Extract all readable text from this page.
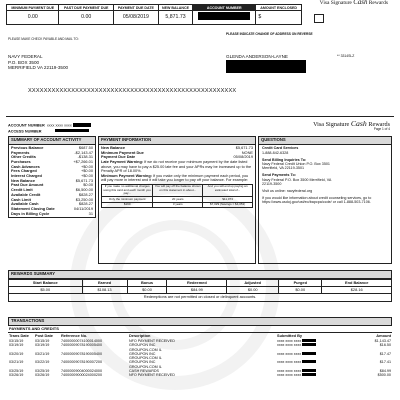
MINIMUM PAYMENT DUE	PAST DUE PAYMENT DUE	PAYMENT DUE DATE	NEW BALANCE	ACCOUNT NUMBER	AMOUNT ENCLOSED
0.00	0.00	05/08/2019	5,871.73		$
Visa Signature Cash Rewards
PLEASE INDICATE CHANGE OF ADDRESS ON REVERSE
PLEASE MAKE CHECK PAYABLE AND MAIL TO:
NAVY FEDERAL
P.O. BOX 3500
MERRIFIELD VA 22119-3500
GLENDA ANDERSON-LAYNE	** 3314SLZ
XXXXXXXXXXXXXXXXXXXXXXXXXXXXXXXXXXXXXXXXXXXXXXXXXXXXX
ACCOUNT NUMBER xxxx xxxx xxxx
ACCESS NUMBER
Visa Signature Cash Rewards
Page 1 of 4
SUMMARY OF ACCOUNT ACTIVITY
Previous Balance	$687.50
Payments	-$2,143.47
Other Credits	-$138.31
Purchases	+$7,266.01
Cash Advances	+$0.00
Fees Charged	+$0.00
Interest Charged	+$0.00
New Balance	$5,671.73
Past Due Amount	$0.00
Credit Limit	$6,500.00
Available Credit	$828.27
Cash Limit	$3,250.00
Available Cash	$828.27
Statement Closing Date	04/11/2019
Days in Billing Cycle	31
PAYMENT INFORMATION
New Balance	$5,671.73
Minimum Payment Due	NONE
Payment Due Date	05/08/2019
Late Payment Warning: If we do not receive your minimum payment by the date listed above, you may have to pay a $25.00 late fee and your APRs may be increased up to the Penalty APR of 18.00%.
Minimum Payment Warning: If you make only the minimum payment each period, you will pay more in interest and it will take you longer to pay off your balance. For example:
If you make no additional charges using this card and each month you pay...	You will pay off the balance shown on this statement in about...	And you will end up paying an estimated total of...
Only the minimum payment	20 years	$11,073
$190	3 years	$7,029 (Savings = $4,053)
QUESTIONS
Credit Card Services
1-888-842-6328
Send Billing Inquiries To:
Navy Federal Credit Union P.O. Box 3501 Merrifield, VA 22119-3501
Send Payments To:
Navy Federal P.O. Box 3500 Merrifield, VA 22119-3500
Visit us online: navyfederal.org
If you would like information about credit counseling services, go to https://www.usdoj.gov/ust/eo/bapcpa/ccde/ or call 1-888-503-7106.
REWARDS SUMMARY
Start Balance	Earned	Bonus	Redeemed	Adjusted	Purged	End Balance
$5.00	$108.13	$0.00	$84.99	$0.00	$0.00	$28.16
Redemptions are not permitted on closed or delinquent accounts.						
TRANSACTIONS
PAYMENTS AND CREDITS
Trans Date	Post Date	Reference No.	Description	Submitted By	Amount
03/15/19	03/15/19	74000000074100014000	NFO PAYMENT RECEIVED	xxxx xxxx xxxx	$1,143.47
03/19/19	03/19/19	74000009078190005400	GROUPON INC
GROUPON.COM IL	xxxx xxxx xxxx	$16.50
03/20/19	03/21/19	74000009078190005400	GROUPON INC
GROUPON.COM IL	xxxx xxxx xxxx	$17.47
03/21/19	03/22/19	74000009078190007200	GROUPON INC
GROUPON.COM IL	xxxx xxxx xxxx	$17.41
03/25/19	03/25/19	74000009004000024000	CASH REWARDS	xxxx xxxx xxxx	$84.99
03/26/19	03/26/19	74000009000024000200	NFO PAYMENT RECEIVED	xxxx xxxx xxxx	$500.00
